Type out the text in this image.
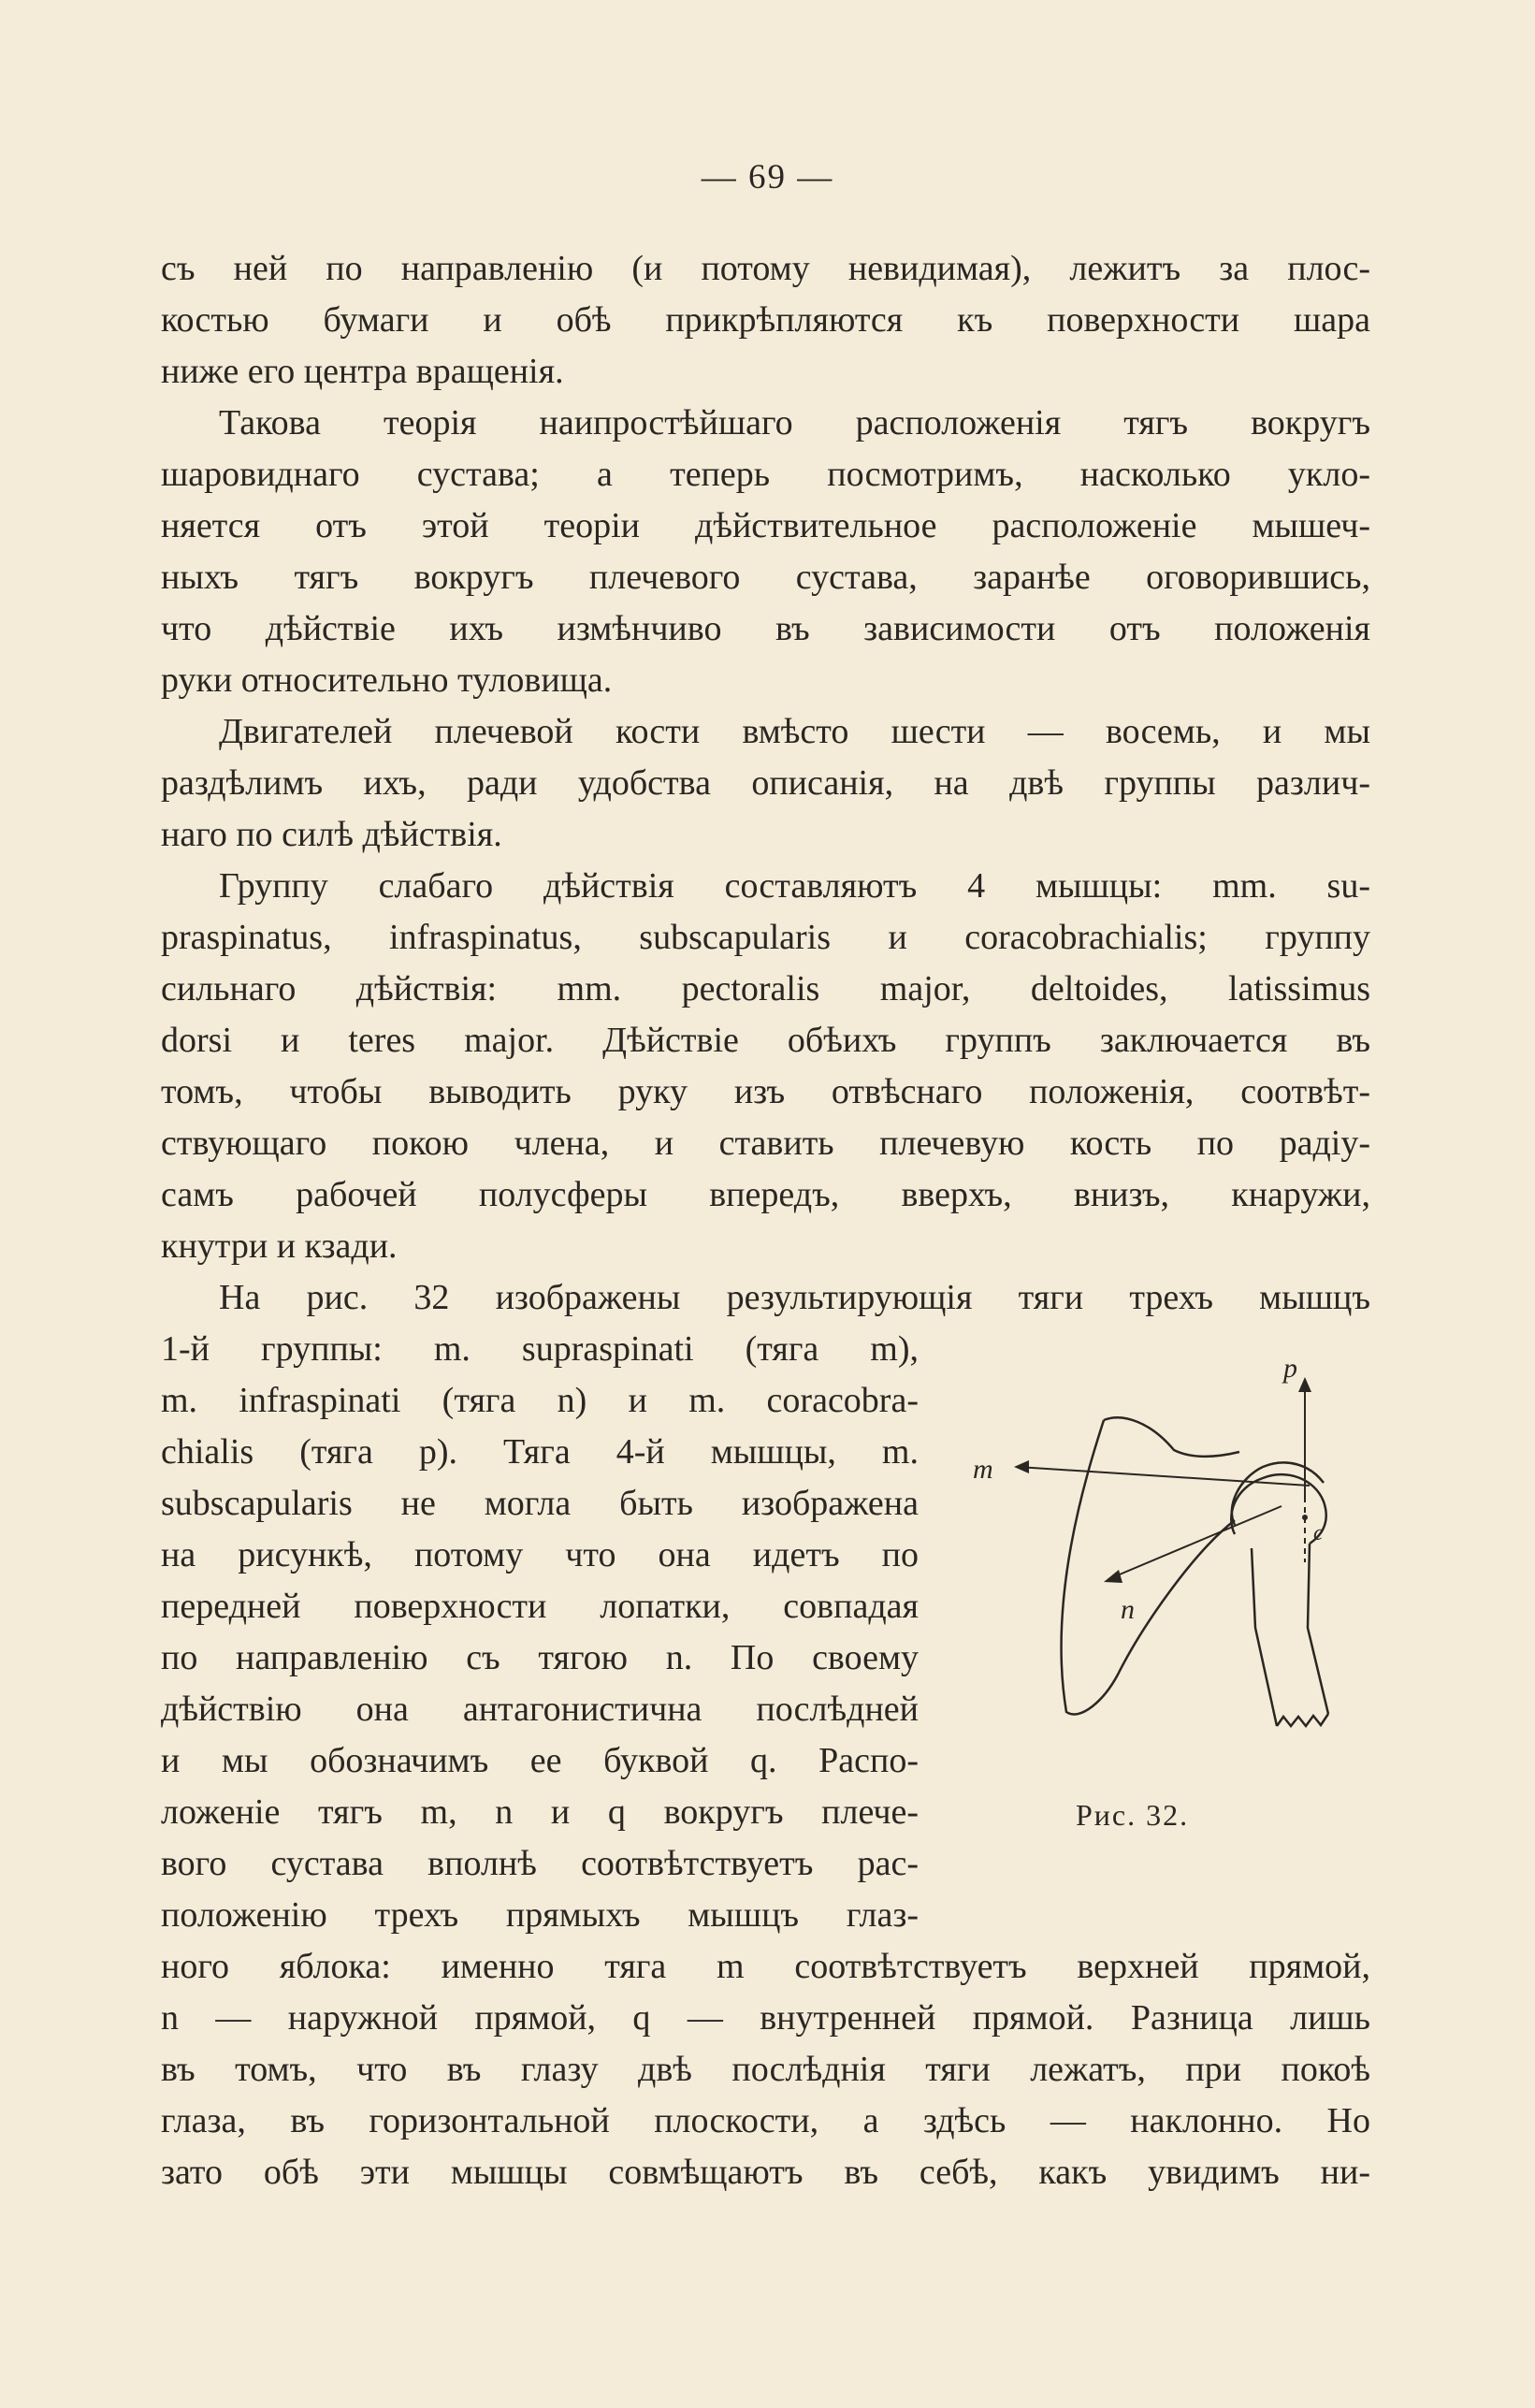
— 69 —
съ ней по направленію (и потому невидимая), лежитъ за плос-
костью бумаги и обѣ прикрѣпляются къ поверхности шара
ниже его центра вращенія.
Такова теорія наипростѣйшаго расположенія тягъ вокругъ
шаровиднаго сустава; а теперь посмотримъ, насколько укло-
няется отъ этой теоріи дѣйствительное расположеніе мышеч-
ныхъ тягъ вокругъ плечевого сустава, заранѣе оговорившись,
что дѣйствіе ихъ измѣнчиво въ зависимости отъ положенія
руки относительно туловища.
Двигателей плечевой кости вмѣсто шести — восемь, и мы
раздѣлимъ ихъ, ради удобства описанія, на двѣ группы различ-
наго по силѣ дѣйствія.
Группу слабаго дѣйствія составляютъ 4 мышцы: mm. su-
praspinatus, infraspinatus, subscapularis и coracobrachialis; группу
сильнаго дѣйствія: mm. pectoralis major, deltoides, latissimus
dorsi и teres major. Дѣйствіе обѣихъ группъ заключается въ
томъ, чтобы выводить руку изъ отвѣснаго положенія, соотвѣт-
ствующаго покою члена, и ставить плечевую кость по радіу-
самъ рабочей полусферы впередъ, вверхъ, внизъ, кнаружи,
кнутри и кзади.
На рис. 32 изображены результирующія тяги трехъ мышцъ
1-й группы: m. supraspinati (тяга m),
m. infraspinati (тяга n) и m. coracobra-
chialis (тяга p). Тяга 4-й мышцы, m.
subscapularis не могла быть изображена
на рисункѣ, потому что она идетъ по
передней поверхности лопатки, совпадая
по направленію съ тягою n. По своему
дѣйствію она антагонистична послѣдней
и мы обозначимъ ее буквой q. Распо-
ложеніе тягъ m, n и q вокругъ плече-
вого сустава вполнѣ соотвѣтствуетъ рас-
положенію трехъ прямыхъ мышцъ глаз-
ного яблока: именно тяга m соотвѣтствуетъ верхней прямой,
n — наружной прямой, q — внутренней прямой. Разница лишь
въ томъ, что въ глазу двѣ послѣднія тяги лежатъ, при покоѣ
глаза, въ горизонтальной плоскости, а здѣсь — наклонно. Но
зато обѣ эти мышцы совмѣщаютъ въ себѣ, какъ увидимъ ни-
p
m
n
c
Рис. 32.
